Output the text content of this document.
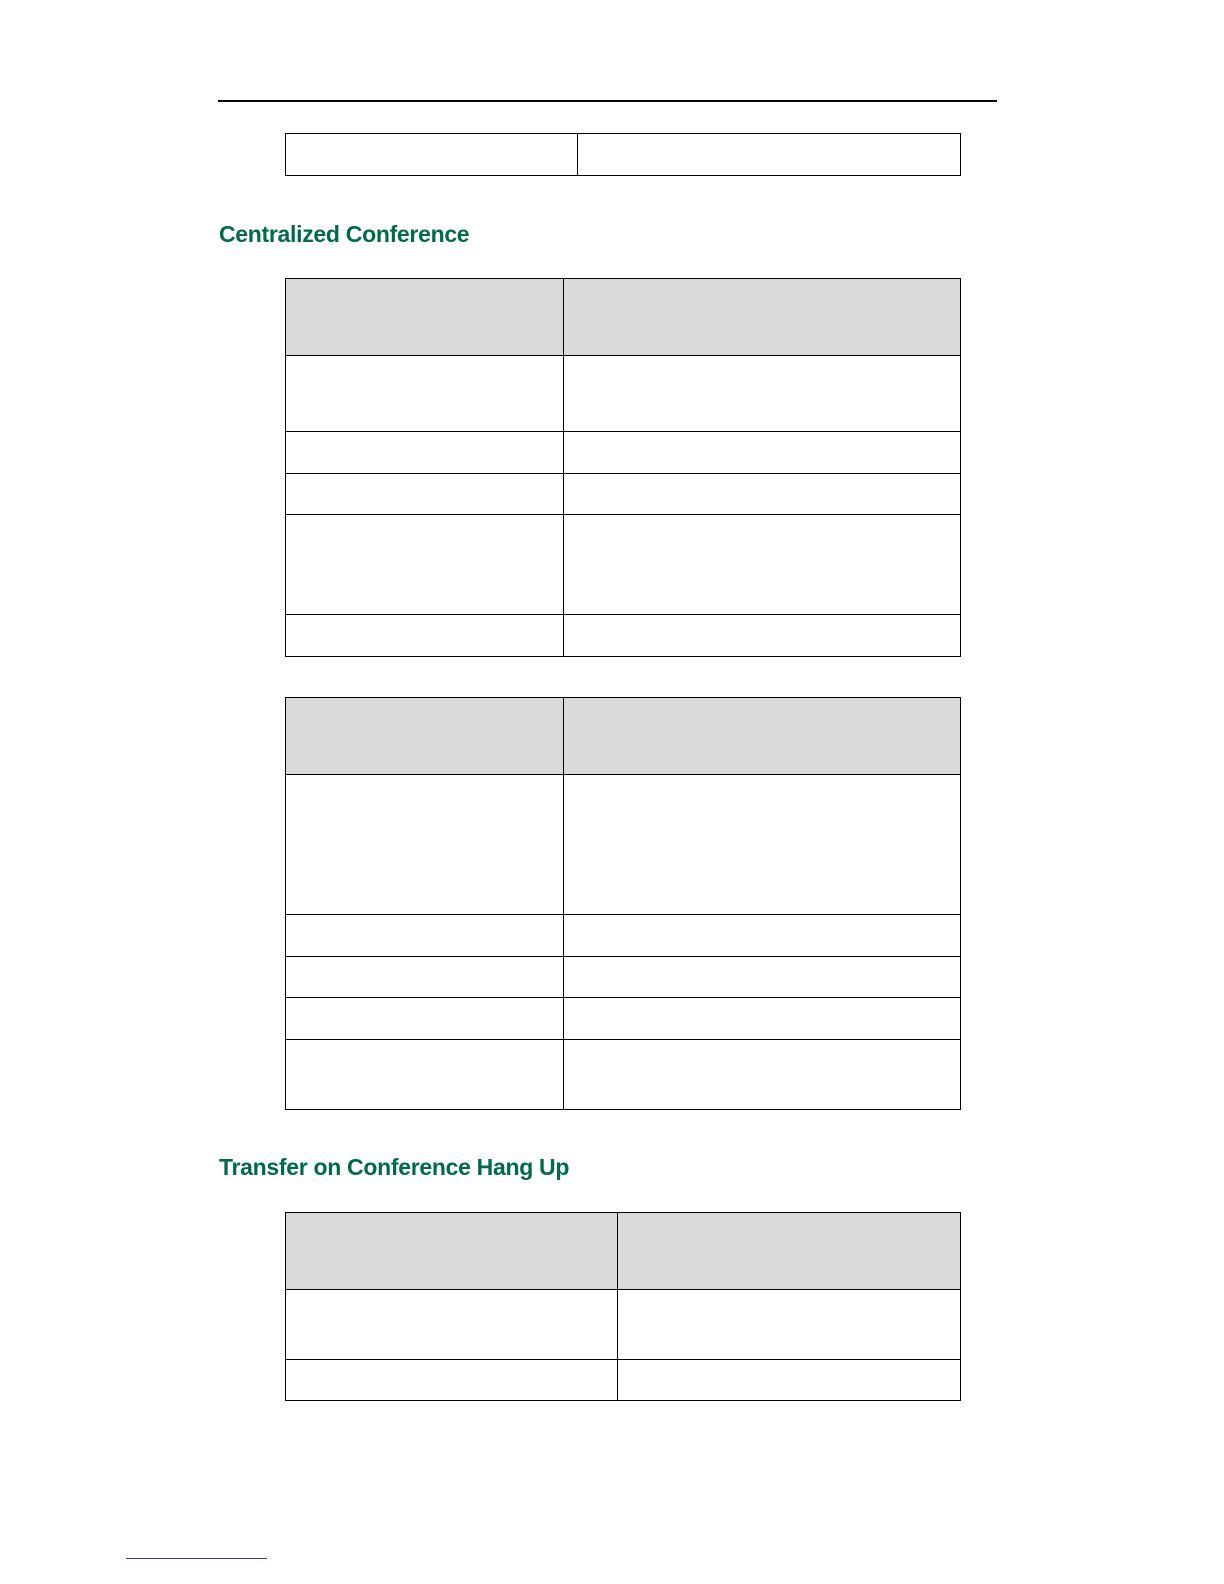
Centralized Conference

Transfer on Conference Hang Up
